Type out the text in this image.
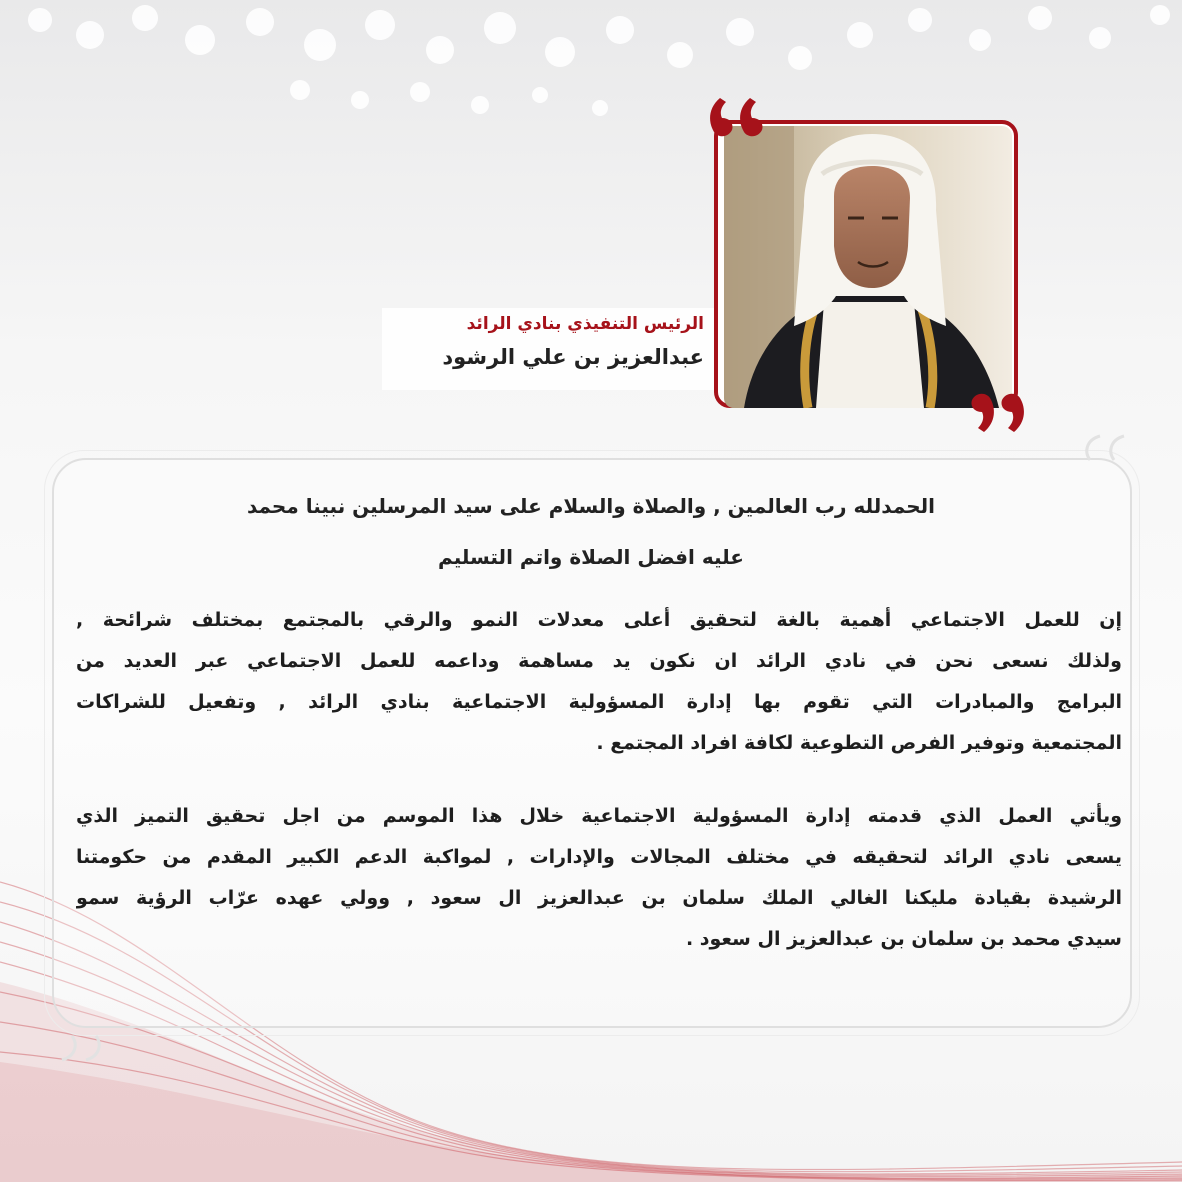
الرئيس التنفيذي بنادي الرائد
عبدالعزيز بن علي الرشود
الحمدلله رب العالمين , والصلاة والسلام على سيد المرسلين نبينا محمد
عليه افضل الصلاة واتم التسليم
إن للعمل الاجتماعي أهمية بالغة لتحقيق أعلى معدلات النمو والرقي بالمجتمع بمختلف شرائحة ,
ولذلك نسعى نحن في نادي الرائد ان نكون يد مساهمة وداعمه للعمل الاجتماعي عبر العديد من
البرامج والمبادرات التي تقوم بها إدارة المسؤولية الاجتماعية بنادي الرائد , وتفعيل للشراكات
المجتمعية وتوفير الفرص التطوعية لكافة افراد المجتمع .
ويأتي العمل الذي قدمته إدارة المسؤولية الاجتماعية خلال هذا الموسم من اجل تحقيق التميز الذي
يسعى نادي الرائد لتحقيقه في مختلف المجالات والإدارات , لمواكبة الدعم الكبير المقدم من حكومتنا
الرشيدة بقيادة مليكنا الغالي الملك سلمان بن عبدالعزيز ال سعود , وولي عهده عرّاب الرؤية سمو
سيدي محمد بن سلمان بن عبدالعزيز ال سعود .
